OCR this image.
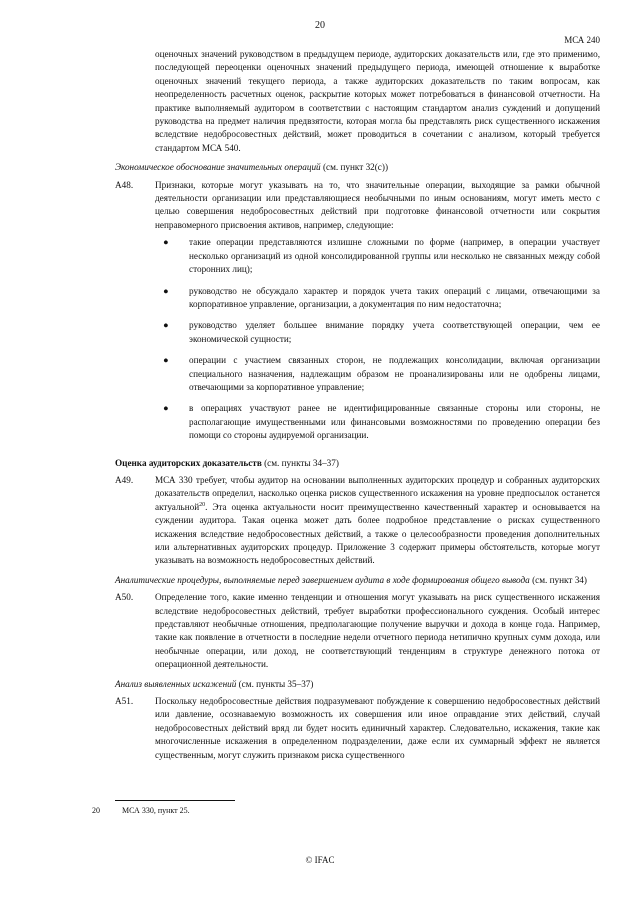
20
МСА 240

оценочных значений руководством в предыдущем периоде, аудиторских доказательств или, где это применимо, последующей переоценки оценочных значений предыдущего периода, имеющей отношение к выработке оценочных значений текущего периода, а также аудиторских доказательств по таким вопросам, как неопределенность расчетных оценок, раскрытие которых может потребоваться в финансовой отчетности. На практике выполняемый аудитором в соответствии с настоящим стандартом анализ суждений и допущений руководства на предмет наличия предвзятости, которая могла бы представлять риск существенного искажения вследствие недобросовестных действий, может проводиться в сочетании с анализом, который требуется стандартом МСА 540.

Экономическое обоснование значительных операций (см. пункт 32(c))

A48.	Признаки, которые могут указывать на то, что значительные операции, выходящие за рамки обычной деятельности организации или представляющиеся необычными по иным основаниям, могут иметь место с целью совершения недобросовестных действий при подготовке финансовой отчетности или сокрытия неправомерного присвоения активов, например, следующие:

●	такие операции представляются излишне сложными по форме (например, в операции участвует несколько организаций из одной консолидированной группы или несколько не связанных между собой сторонних лиц);
●	руководство не обсуждало характер и порядок учета таких операций с лицами, отвечающими за корпоративное управление, организации, а документация по ним недостаточна;
●	руководство уделяет большее внимание порядку учета соответствующей операции, чем ее экономической сущности;
●	операции с участием связанных сторон, не подлежащих консолидации, включая организации специального назначения, надлежащим образом не проанализированы или не одобрены лицами, отвечающими за корпоративное управление;
●	в операциях участвуют ранее не идентифицированные связанные стороны или стороны, не располагающие имущественными или финансовыми возможностями по проведению операции без помощи со стороны аудируемой организации.

Оценка аудиторских доказательств (см. пункты 34–37)

A49.	МСА 330 требует, чтобы аудитор на основании выполненных аудиторских процедур и собранных аудиторских доказательств определил, насколько оценка рисков существенного искажения на уровне предпосылок останется актуальной$^{20}$. Эта оценка актуальности носит преимущественно качественный характер и основывается на суждении аудитора. Такая оценка может дать более подробное представление о рисках существенного искажения вследствие недобросовестных действий, а также о целесообразности проведения дополнительных или альтернативных аудиторских процедур. Приложение 3 содержит примеры обстоятельств, которые могут указывать на возможность недобросовестных действий.

Аналитические процедуры, выполняемые перед завершением аудита в ходе формирования общего вывода (см. пункт 34)

A50.	Определение того, какие именно тенденции и отношения могут указывать на риск существенного искажения вследствие недобросовестных действий, требует выработки профессионального суждения. Особый интерес представляют необычные отношения, предполагающие получение выручки и дохода в конце года. Например, такие как появление в отчетности в последние недели отчетного периода нетипично крупных сумм дохода, или необычные операции, или доход, не соответствующий тенденциям в структуре денежного потока от операционной деятельности.

Анализ выявленных искажений (см. пункты 35–37)

A51.	Поскольку недобросовестные действия подразумевают побуждение к совершению недобросовестных действий или давление, осознаваемую возможность их совершения или иное оправдание этих действий, случай недобросовестных действий вряд ли будет носить единичный характер. Следовательно, искажения, такие как многочисленные искажения в определенном подразделении, даже если их суммарный эффект не является существенным, могут служить признаком риска существенного
20	МСА 330, пункт 25.
© IFAC
